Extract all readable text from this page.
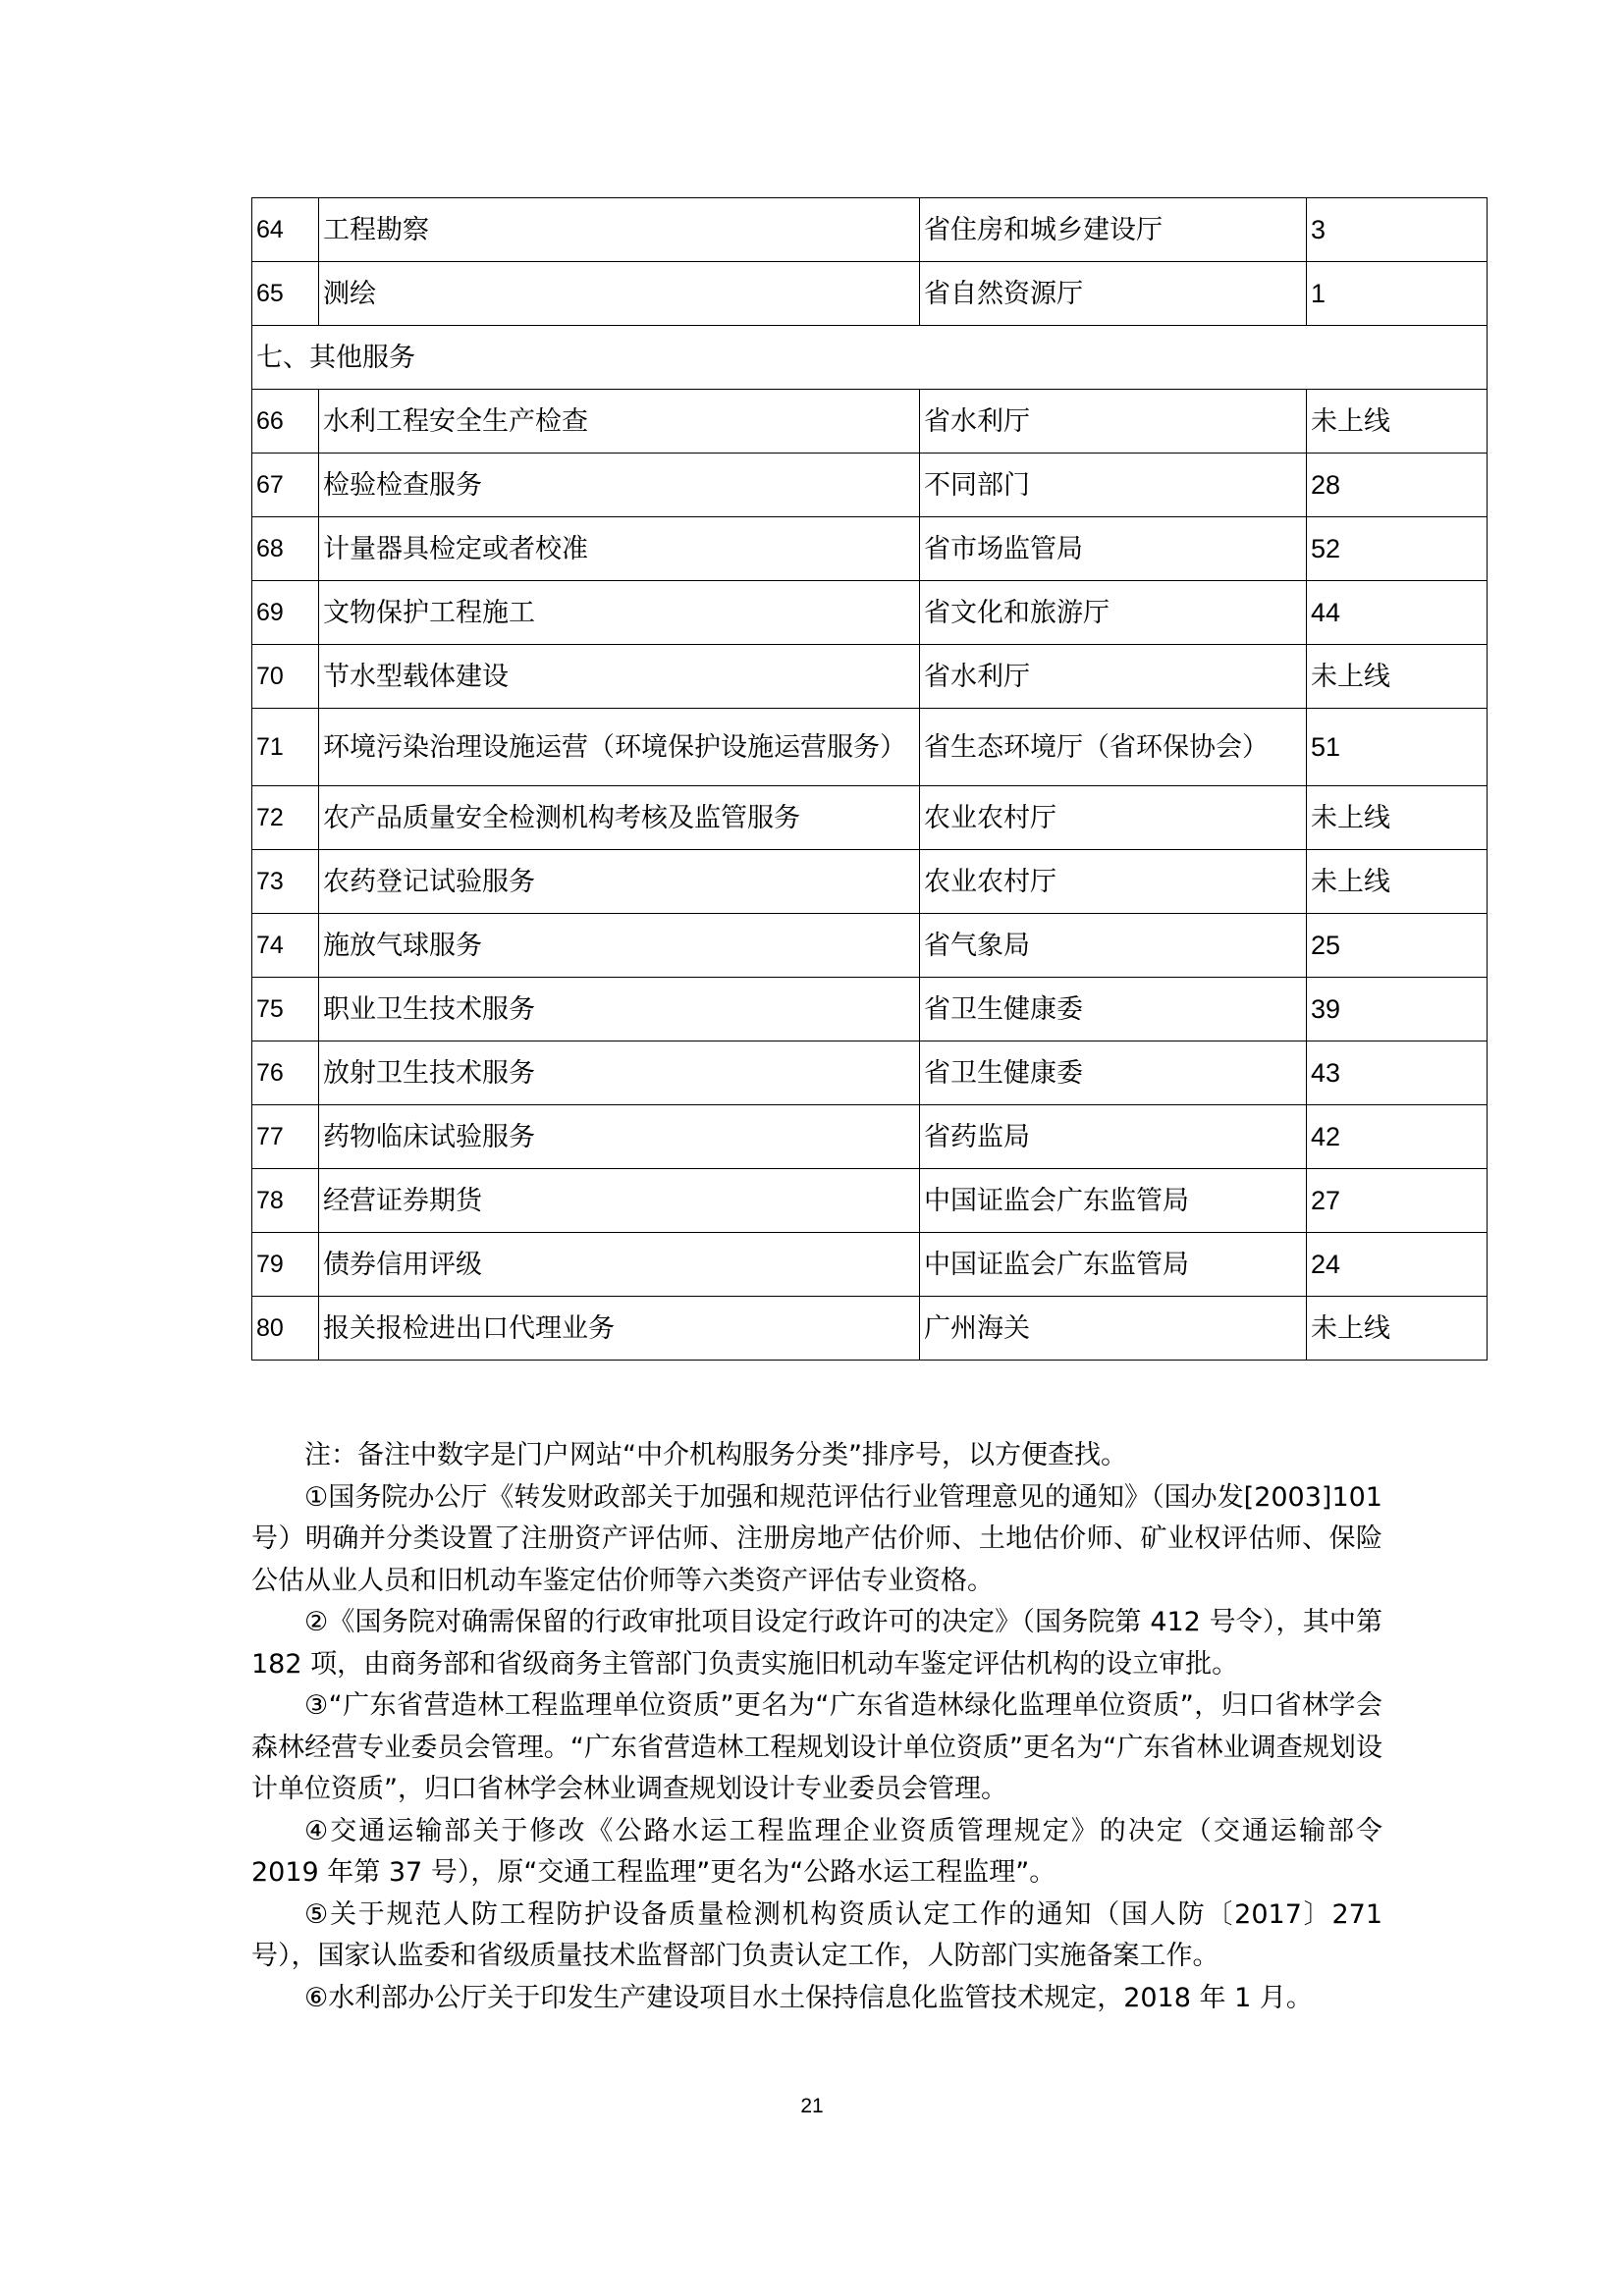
64	工程勘察	省住房和城乡建设厅	3
65	测绘	省自然资源厅	1
七、其他服务			
66	水利工程安全生产检查	省水利厅	未上线
67	检验检查服务	不同部门	28
68	计量器具检定或者校准	省市场监管局	52
69	文物保护工程施工	省文化和旅游厅	44
70	节水型载体建设	省水利厅	未上线
71	环境污染治理设施运营（环境保护设施运营服务）	省生态环境厅（省环保协会）	51
72	农产品质量安全检测机构考核及监管服务	农业农村厅	未上线
73	农药登记试验服务	农业农村厅	未上线
74	施放气球服务	省气象局	25
75	职业卫生技术服务	省卫生健康委	39
76	放射卫生技术服务	省卫生健康委	43
77	药物临床试验服务	省药监局	42
78	经营证券期货	中国证监会广东监管局	27
79	债券信用评级	中国证监会广东监管局	24
80	报关报检进出口代理业务	广州海关	未上线

注：备注中数字是门户网站“中介机构服务分类”排序号，以方便查找。

①国务院办公厅《转发财政部关于加强和规范评估行业管理意见的通知》（国办发[2003]101 号）明确并分类设置了注册资产评估师、注册房地产估价师、土地估价师、矿业权评估师、保险公估从业人员和旧机动车鉴定估价师等六类资产评估专业资格。

②《国务院对确需保留的行政审批项目设定行政许可的决定》（国务院第 412 号令），其中第 182 项，由商务部和省级商务主管部门负责实施旧机动车鉴定评估机构的设立审批。

③“广东省营造林工程监理单位资质”更名为“广东省造林绿化监理单位资质”，归口省林学会森林经营专业委员会管理。“广东省营造林工程规划设计单位资质”更名为“广东省林业调查规划设计单位资质”，归口省林学会林业调查规划设计专业委员会管理。

④交通运输部关于修改《公路水运工程监理企业资质管理规定》的决定（交通运输部令 2019 年第 37 号），原“交通工程监理”更名为“公路水运工程监理”。

⑤关于规范人防工程防护设备质量检测机构资质认定工作的通知（国人防〔2017〕271 号），国家认监委和省级质量技术监督部门负责认定工作，人防部门实施备案工作。

⑥水利部办公厅关于印发生产建设项目水土保持信息化监管技术规定，2018 年 1 月。

21
